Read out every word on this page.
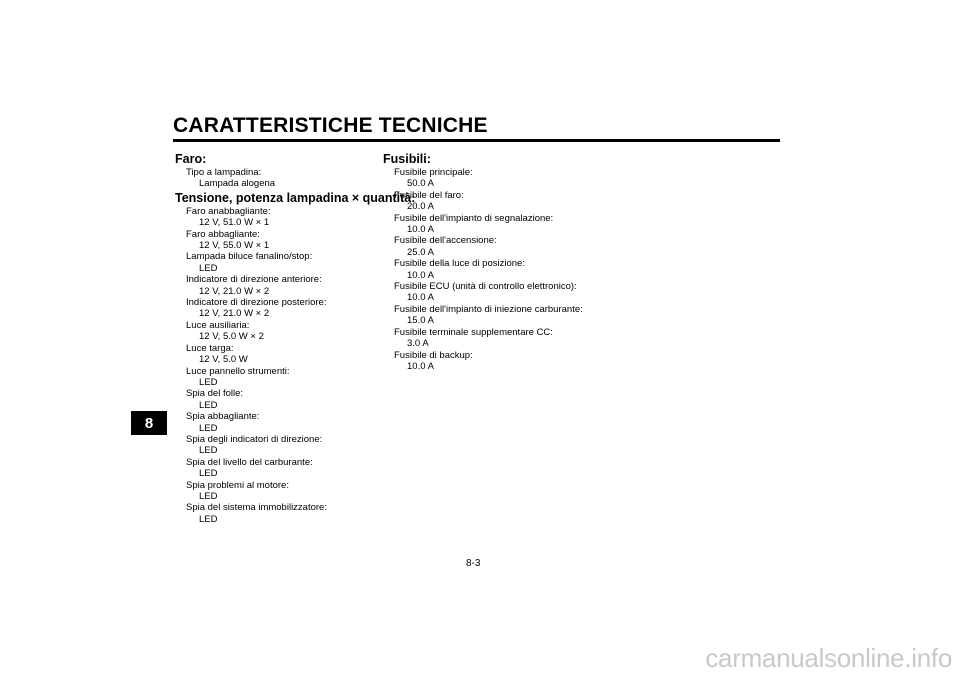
CARATTERISTICHE TECNICHE
8
Faro:
Tipo a lampadina:
Lampada alogena
Tensione, potenza lampadina × quantità:
Faro anabbagliante:
12 V, 51.0 W × 1
Faro abbagliante:
12 V, 55.0 W × 1
Lampada biluce fanalino/stop:
LED
Indicatore di direzione anteriore:
12 V, 21.0 W × 2
Indicatore di direzione posteriore:
12 V, 21.0 W × 2
Luce ausiliaria:
12 V, 5.0 W × 2
Luce targa:
12 V, 5.0 W
Luce pannello strumenti:
LED
Spia del folle:
LED
Spia abbagliante:
LED
Spia degli indicatori di direzione:
LED
Spia del livello del carburante:
LED
Spia problemi al motore:
LED
Spia del sistema immobilizzatore:
LED
Fusibili:
Fusibile principale:
50.0 A
Fusibile del faro:
20.0 A
Fusibile dell'impianto di segnalazione:
10.0 A
Fusibile dell'accensione:
25.0 A
Fusibile della luce di posizione:
10.0 A
Fusibile ECU (unità di controllo elettronico):
10.0 A
Fusibile dell'impianto di iniezione carburante:
15.0 A
Fusibile terminale supplementare CC:
3.0 A
Fusibile di backup:
10.0 A
8-3
carmanualsonline.info
